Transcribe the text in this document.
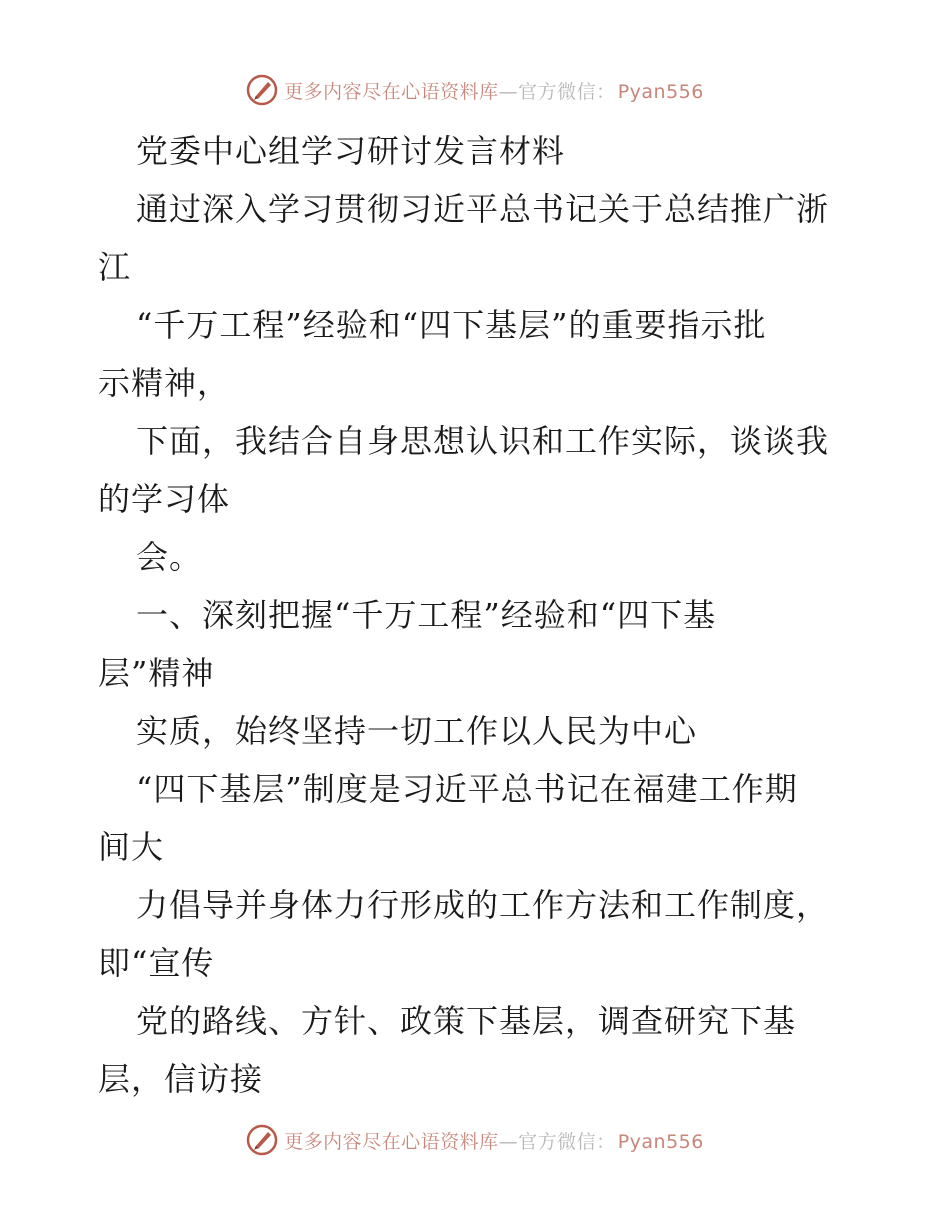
更多内容尽在心语资料库—官方微信： Pyan556
党委中心组学习研讨发言材料
通过深入学习贯彻习近平总书记关于总结推广浙
江
“千万工程”经验和“四下基层”的重要指示批
示精神，
下面，我结合自身思想认识和工作实际，谈谈我
的学习体
会。
一、深刻把握“千万工程”经验和“四下基
层”精神
实质，始终坚持一切工作以人民为中心
“四下基层”制度是习近平总书记在福建工作期
间大
力倡导并身体力行形成的工作方法和工作制度，
即“宣传
党的路线、方针、政策下基层，调查研究下基
层，信访接
更多内容尽在心语资料库—官方微信： Pyan556
